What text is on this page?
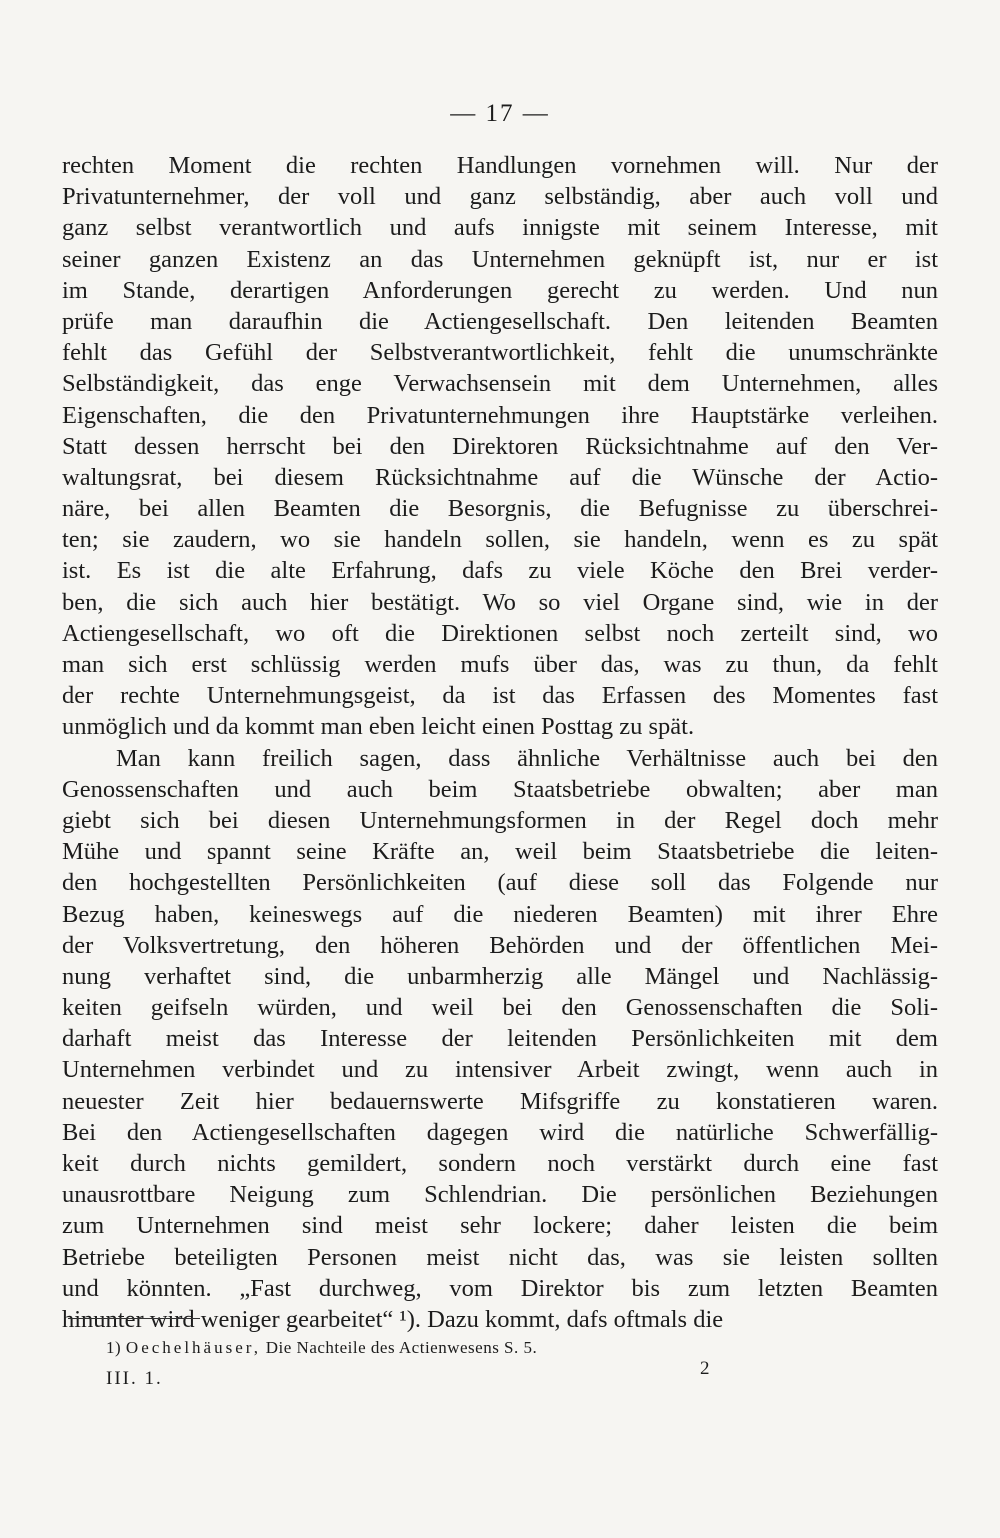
— 17 —
rechten Moment die rechten Handlungen vornehmen will. Nur der
Privatunternehmer, der voll und ganz selbständig, aber auch voll und
ganz selbst verantwortlich und aufs innigste mit seinem Interesse, mit
seiner ganzen Existenz an das Unternehmen geknüpft ist, nur er ist
im Stande, derartigen Anforderungen gerecht zu werden. Und nun
prüfe man daraufhin die Actiengesellschaft. Den leitenden Beamten
fehlt das Gefühl der Selbstverantwortlichkeit, fehlt die unumschränkte
Selbständigkeit, das enge Verwachsensein mit dem Unternehmen, alles
Eigenschaften, die den Privatunternehmungen ihre Hauptstärke verleihen.
Statt dessen herrscht bei den Direktoren Rücksichtnahme auf den Ver-
waltungsrat, bei diesem Rücksichtnahme auf die Wünsche der Actio-
näre, bei allen Beamten die Besorgnis, die Befugnisse zu überschrei-
ten; sie zaudern, wo sie handeln sollen, sie handeln, wenn es zu spät
ist. Es ist die alte Erfahrung, dafs zu viele Köche den Brei verder-
ben, die sich auch hier bestätigt. Wo so viel Organe sind, wie in der
Actiengesellschaft, wo oft die Direktionen selbst noch zerteilt sind, wo
man sich erst schlüssig werden mufs über das, was zu thun, da fehlt
der rechte Unternehmungsgeist, da ist das Erfassen des Momentes fast
unmöglich und da kommt man eben leicht einen Posttag zu spät.
Man kann freilich sagen, dass ähnliche Verhältnisse auch bei den
Genossenschaften und auch beim Staatsbetriebe obwalten; aber man
giebt sich bei diesen Unternehmungsformen in der Regel doch mehr
Mühe und spannt seine Kräfte an, weil beim Staatsbetriebe die leiten-
den hochgestellten Persönlichkeiten (auf diese soll das Folgende nur
Bezug haben, keineswegs auf die niederen Beamten) mit ihrer Ehre
der Volksvertretung, den höheren Behörden und der öffentlichen Mei-
nung verhaftet sind, die unbarmherzig alle Mängel und Nachlässig-
keiten geifseln würden, und weil bei den Genossenschaften die Soli-
darhaft meist das Interesse der leitenden Persönlichkeiten mit dem
Unternehmen verbindet und zu intensiver Arbeit zwingt, wenn auch in
neuester Zeit hier bedauernswerte Mifsgriffe zu konstatieren waren.
Bei den Actiengesellschaften dagegen wird die natürliche Schwerfällig-
keit durch nichts gemildert, sondern noch verstärkt durch eine fast
unausrottbare Neigung zum Schlendrian. Die persönlichen Beziehungen
zum Unternehmen sind meist sehr lockere; daher leisten die beim
Betriebe beteiligten Personen meist nicht das, was sie leisten sollten
und könnten. „Fast durchweg, vom Direktor bis zum letzten Beamten
hinunter wird weniger gearbeitet“ ¹). Dazu kommt, dafs oftmals die
1) Oechelhäuser, Die Nachteile des Actienwesens S. 5.
III. 1.	2
